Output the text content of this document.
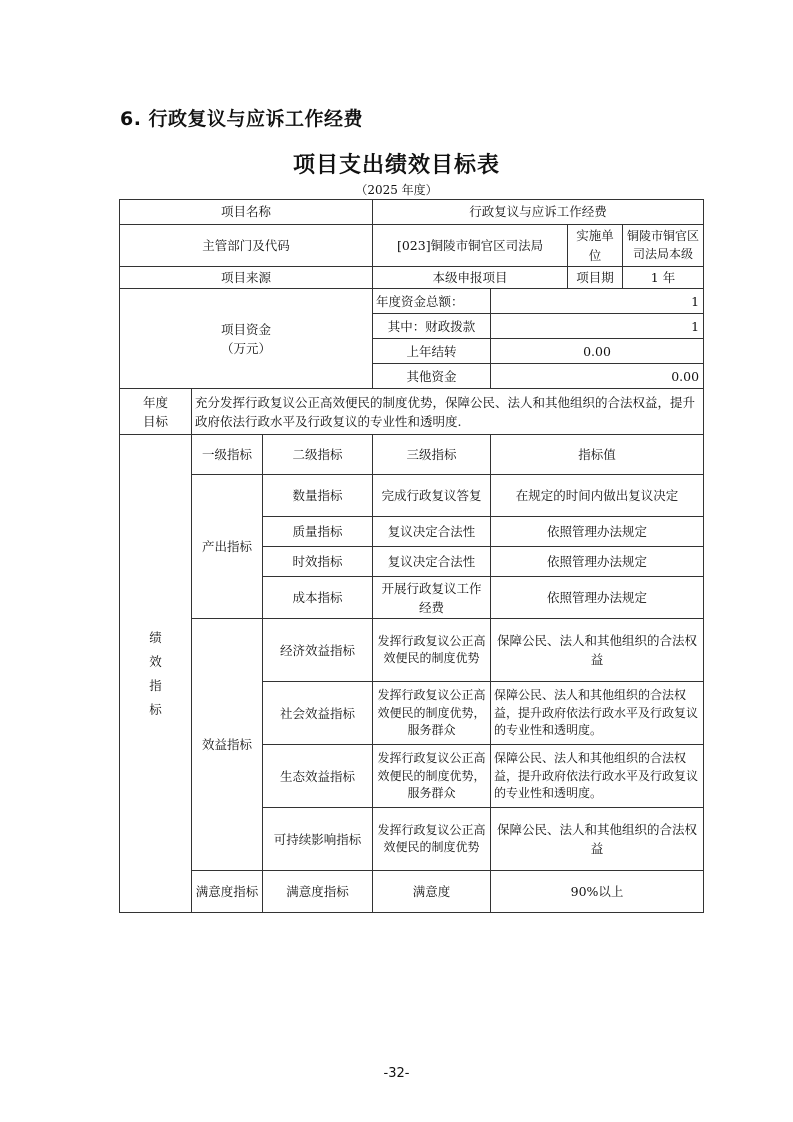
6. 行政复议与应诉工作经费
项目支出绩效目标表
（2025 年度）
项目名称			行政复议与应诉工作经费			
主管部门及代码			[023]铜陵市铜官区司法局		实施单位	铜陵市铜官区司法局本级
项目来源			本级申报项目		项目期	1 年

项目资金
（万元）			年度资金总额：	1		
			其中：财政拨款	1		
			上年结转	0.00		
			其他资金	0.00		

年度
目标	充分发挥行政复议公正高效便民的制度优势，保障公民、法人和其他组织的合法权益，提升政府依法行政水平及行政复议的专业性和透明度.					
绩效指标	一级指标	二级指标	三级指标	指标值		
	产出指标	数量指标	完成行政复议答复	在规定的时间内做出复议决定		
		质量指标	复议决定合法性	依照管理办法规定		
		时效指标	复议决定合法性	依照管理办法规定		
		成本指标	开展行政复议工作经费	依照管理办法规定		
	效益指标	经济效益指标	发挥行政复议公正高效便民的制度优势	保障公民、法人和其他组织的合法权益		
		社会效益指标	发挥行政复议公正高效便民的制度优势，服务群众	保障公民、法人和其他组织的合法权益，提升政府依法行政水平及行政复议的专业性和透明度。		
		生态效益指标	发挥行政复议公正高效便民的制度优势，服务群众	保障公民、法人和其他组织的合法权益，提升政府依法行政水平及行政复议的专业性和透明度。		
		可持续影响指标	发挥行政复议公正高效便民的制度优势	保障公民、法人和其他组织的合法权益		
	满意度指标	满意度指标	满意度	90%以上		
-32-
